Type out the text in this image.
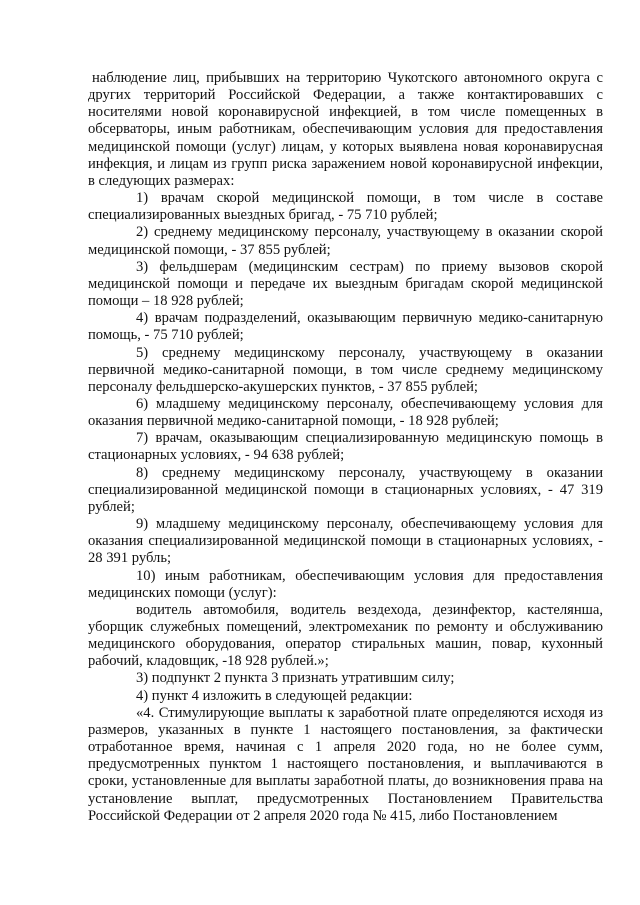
наблюдение лиц, прибывших на территорию Чукотского автономного округа с других территорий Российской Федерации, а также контактировавших с носителями новой коронавирусной инфекцией, в том числе помещенных в обсерваторы, иным работникам, обеспечивающим условия для предоставления медицинской помощи (услуг) лицам, у которых выявлена новая коронавирусная инфекция, и лицам из групп риска заражением новой коронавирусной инфекции, в следующих размерах:

1) врачам скорой медицинской помощи, в том числе в составе специализированных выездных бригад, - 75 710 рублей;

2) среднему медицинскому персоналу, участвующему в оказании скорой медицинской помощи, - 37 855 рублей;

3) фельдшерам (медицинским сестрам) по приему вызовов скорой медицинской помощи и передаче их выездным бригадам скорой медицинской помощи – 18 928 рублей;

4) врачам подразделений, оказывающим первичную медико-санитарную помощь, - 75 710 рублей;

5) среднему медицинскому персоналу, участвующему в оказании первичной медико-санитарной помощи, в том числе среднему медицинскому персоналу фельдшерско-акушерских пунктов, - 37 855 рублей;

6) младшему медицинскому персоналу, обеспечивающему условия для оказания первичной медико-санитарной помощи, - 18 928 рублей;

7) врачам, оказывающим специализированную медицинскую помощь в стационарных условиях, - 94 638 рублей;

8) среднему медицинскому персоналу, участвующему в оказании специализированной медицинской помощи в стационарных условиях, - 47 319 рублей;

9) младшему медицинскому персоналу, обеспечивающему условия для оказания специализированной медицинской помощи в стационарных условиях, - 28 391 рубль;

10) иным работникам, обеспечивающим условия для предоставления медицинских помощи (услуг):

водитель автомобиля, водитель вездехода, дезинфектор, кастелянша, уборщик служебных помещений, электромеханик по ремонту и обслуживанию медицинского оборудования, оператор стиральных машин, повар, кухонный рабочий, кладовщик, -18 928 рублей.»;

3) подпункт 2 пункта 3 признать утратившим силу;

4) пункт 4 изложить в следующей редакции:

«4. Стимулирующие выплаты к заработной плате определяются исходя из размеров, указанных в пункте 1 настоящего постановления, за фактически отработанное время, начиная с 1 апреля 2020 года, но не более сумм, предусмотренных пунктом 1 настоящего постановления, и выплачиваются в сроки, установленные для выплаты заработной платы, до возникновения права на установление выплат, предусмотренных Постановлением Правительства Российской Федерации от 2 апреля 2020 года № 415, либо Постановлением
